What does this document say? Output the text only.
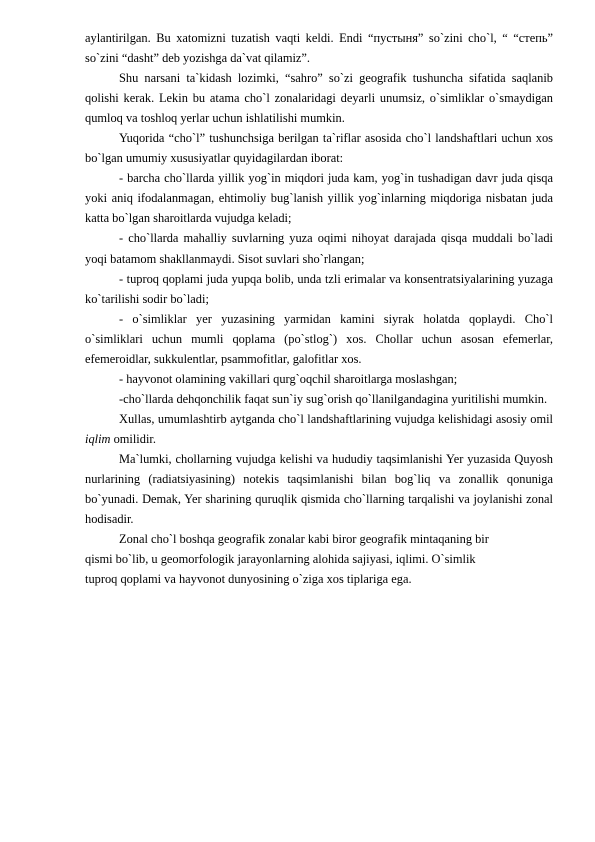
aylantirilgan. Bu xatomizni tuzatish vaqti keldi. Endi “пустыня” so`zini cho`l, “ “степь” so`zini “dasht” deb yozishga da`vat qilamiz”.

Shu narsani ta`kidash lozimki, “sahro” so`zi geografik tushuncha sifatida saqlanib qolishi kerak. Lekin bu atama cho`l zonalaridagi deyarli unumsiz, o`simliklar o`smaydigan qumloq va toshloq yerlar uchun ishlatilishi mumkin.

Yuqorida “cho`l” tushunchsiga berilgan ta`riflar asosida cho`l landshaftlari uchun xos bo`lgan umumiy xususiyatlar quyidagilardan iborat:

- barcha cho`llarda yillik yog`in miqdori juda kam, yog`in tushadigan davr juda qisqa yoki aniq ifodalanmagan, ehtimoliy bug`lanish yillik yog`inlarning miqdoriga nisbatan juda katta bo`lgan sharoitlarda vujudga keladi;

- cho`llarda mahalliy suvlarning yuza oqimi nihoyat darajada qisqa muddali bo`ladi yoqi batamom shakllanmaydi. Sisot suvlari sho`rlangan;

- tuproq qoplami juda yupqa bolib, unda tzli erimalar va konsentratsiyalarining yuzaga ko`tarilishi sodir bo`ladi;

- o`simliklar yer yuzasining yarmidan kamini siyrak holatda qoplaydi. Cho`l o`simliklari uchun mumli qoplama (po`stlog`) xos. Chollar uchun asosan efemerlar, efemeroidlar, sukkulentlar, psammofitlar, galofitlar xos.

- hayvonot olamining vakillari qurg`oqchil sharoitlarga moslashgan;

-cho`llarda dehqonchilik faqat sun`iy sug`orish qo`llanilgandagina yuritilishi mumkin.

Xullas, umumlashtirb aytganda cho`l landshaftlarining vujudga kelishidagi asosiy omil iqlim omilidir.

Ma`lumki, chollarning vujudga kelishi va hududiy taqsimlanishi Yer yuzasida Quyosh nurlarining (radiatsiyasining) notekis taqsimlanishi bilan bog`liq va zonallik qonuniga bo`yunadi. Demak, Yer sharining quruqlik qismida cho`llarning tarqalishi va joylanishi zonal hodisadir.

Zonal cho`l boshqa geografik zonalar kabi biror geografik mintaqaning bir
qismi bo`lib, u geomorfologik jarayonlarning alohida sajiyasi, iqlimi. O`simlik
tuproq qoplami va hayvonot dunyosining o`ziga xos tiplariga ega.
